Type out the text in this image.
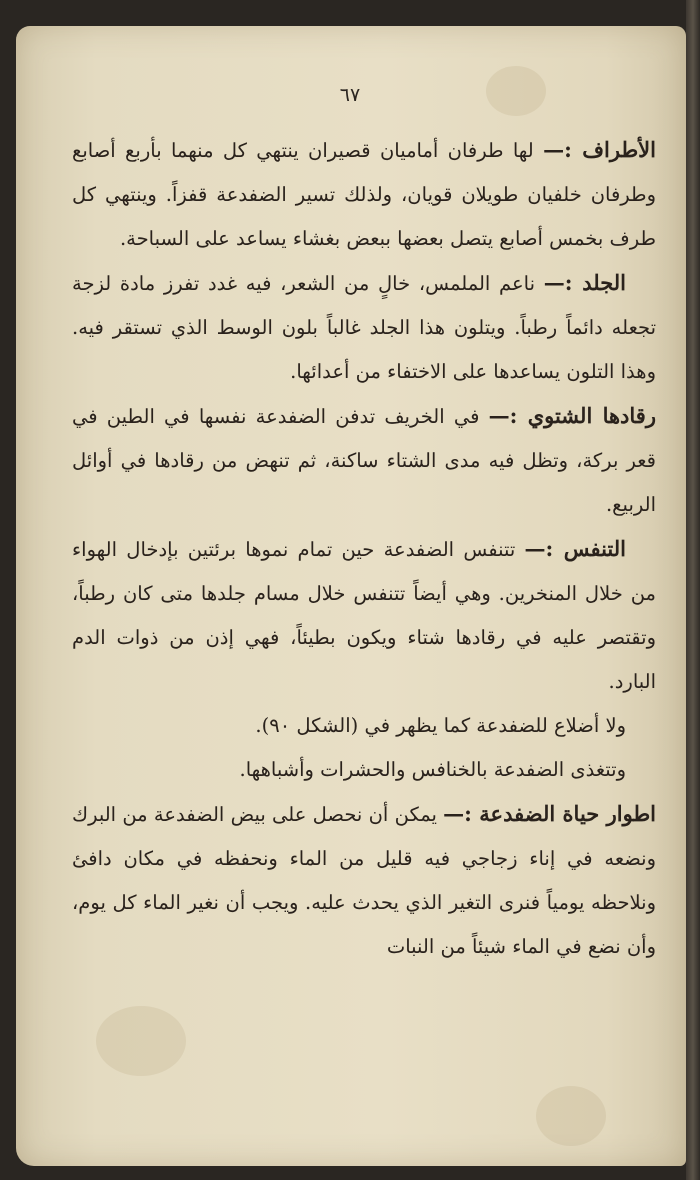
٦٧

الأطراف :— لها طرفان أماميان قصيران ينتهي كل منهما بأربع أصابع وطرفان خلفيان طويلان قويان، ولذلك تسير الضفدعة قفزاً. وينتهي كل طرف بخمس أصابع يتصل بعضها ببعض بغشاء يساعد على السباحة.

الجلد :— ناعم الملمس، خالٍ من الشعر، فيه غدد تفرز مادة لزجة تجعله دائماً رطباً. ويتلون هذا الجلد غالباً بلون الوسط الذي تستقر فيه. وهذا التلون يساعدها على الاختفاء من أعدائها.

رقادها الشتوي :— في الخريف تدفن الضفدعة نفسها في الطين في قعر بركة، وتظل فيه مدى الشتاء ساكنة، ثم تنهض من رقادها في أوائل الربيع.

التنفس :— تتنفس الضفدعة حين تمام نموها برئتين بإدخال الهواء من خلال المنخرين. وهي أيضاً تتنفس خلال مسام جلدها متى كان رطباً، وتقتصر عليه في رقادها شتاء ويكون بطيئاً، فهي إذن من ذوات الدم البارد.

ولا أضلاع للضفدعة كما يظهر في (الشكل ٩٠).

وتتغذى الضفدعة بالخنافس والحشرات وأشباهها.

اطوار حياة الضفدعة :— يمكن أن نحصل على بيض الضفدعة من البرك ونضعه في إناء زجاجي فيه قليل من الماء ونحفظه في مكان دافئ ونلاحظه يومياً فنرى التغير الذي يحدث عليه. ويجب أن نغير الماء كل يوم، وأن نضع في الماء شيئاً من النبات
